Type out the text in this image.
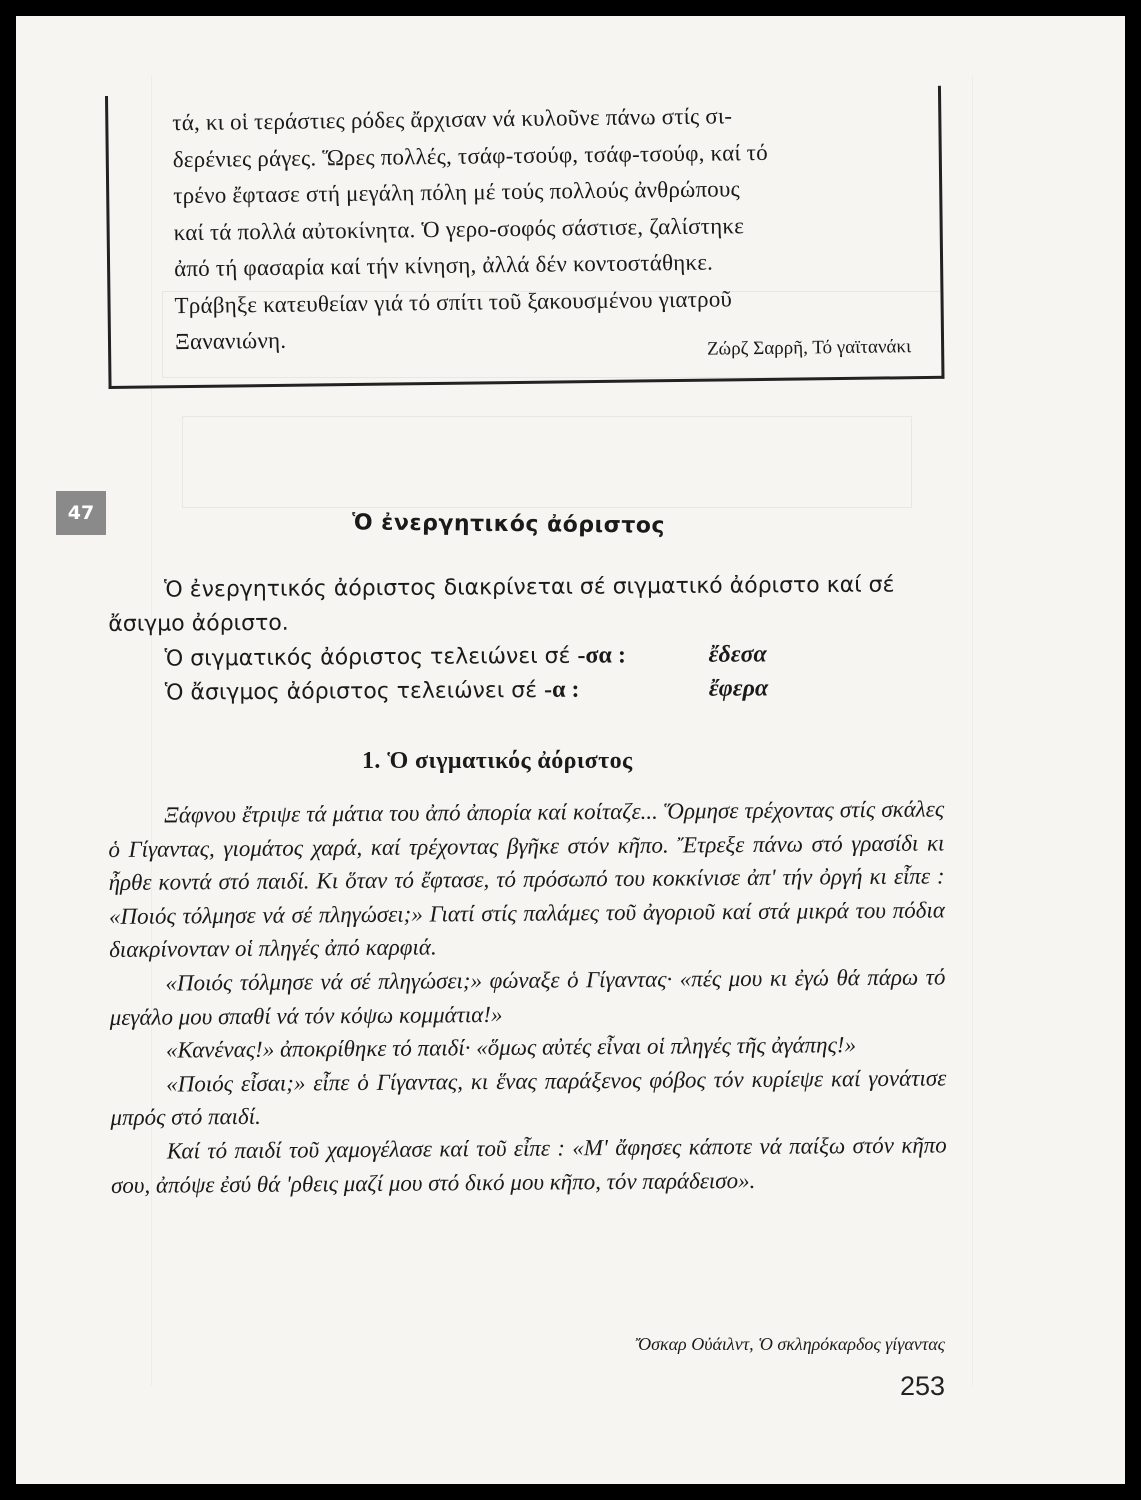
τά, κι οἱ τεράστιες ρόδες ἄρχισαν νά κυλοῦνε πάνω στίς σι-
δερένιες ράγες. Ὥρες πολλές, τσάφ-τσούφ, τσάφ-τσούφ, καί τό
τρένο ἔφτασε στή μεγάλη πόλη μέ τούς πολλούς ἀνθρώπους
καί τά πολλά αὐτοκίνητα. Ὁ γερο-σοφός σάστισε, ζαλίστηκε
ἀπό τή φασαρία καί τήν κίνηση, ἀλλά δέν κοντοστάθηκε.
Τράβηξε κατευθείαν γιά τό σπίτι τοῦ ξακουσμένου γιατροῦ
Ξανανιώνη.	Ζώρζ Σαρρῆ, Τό γαϊτανάκι
47	Ὁ ἐνεργητικός ἀόριστος

Ὁ ἐνεργητικός ἀόριστος διακρίνεται σέ σιγματικό ἀόριστο καί σέ ἄσιγμο ἀόριστο.

Ὁ σιγματικός ἀόριστος τελειώνει σέ -σα :	ἔδεσα
Ὁ ἄσιγμος ἀόριστος τελειώνει σέ -α :	ἔφερα
1. Ὁ σιγματικός ἀόριστος

Ξάφνου ἔτριψε τά μάτια του ἀπό ἀπορία καί κοίταζε... Ὅρμησε τρέχοντας στίς σκάλες ὁ Γίγαντας, γιομάτος χαρά, καί τρέχοντας βγῆκε στόν κῆπο. Ἔτρεξε πάνω στό γρασίδι κι ἦρθε κοντά στό παιδί. Κι ὅταν τό ἔφτασε, τό πρόσωπό του κοκκίνισε ἀπ' τήν ὀργή κι εἶπε : «Ποιός τόλμησε νά σέ πληγώσει;» Γιατί στίς παλάμες τοῦ ἀγοριοῦ καί στά μικρά του πόδια διακρίνονταν οἱ πληγές ἀπό καρφιά.

«Ποιός τόλμησε νά σέ πληγώσει;» φώναξε ὁ Γίγαντας· «πές μου κι ἐγώ θά πάρω τό μεγάλο μου σπαθί νά τόν κόψω κομμάτια!»

«Κανένας!» ἀποκρίθηκε τό παιδί· «ὅμως αὐτές εἶναι οἱ πληγές τῆς ἀγάπης!»

«Ποιός εἶσαι;» εἶπε ὁ Γίγαντας, κι ἕνας παράξενος φόβος τόν κυρίεψε καί γονάτισε μπρός στό παιδί.

Καί τό παιδί τοῦ χαμογέλασε καί τοῦ εἶπε : «Μ' ἄφησες κάποτε νά παίξω στόν κῆπο σου, ἀπόψε ἐσύ θά 'ρθεις μαζί μου στό δικό μου κῆπο, τόν παράδεισο».

Ὄσκαρ Οὐάιλντ, Ὁ σκληρόκαρδος γίγαντας
253
